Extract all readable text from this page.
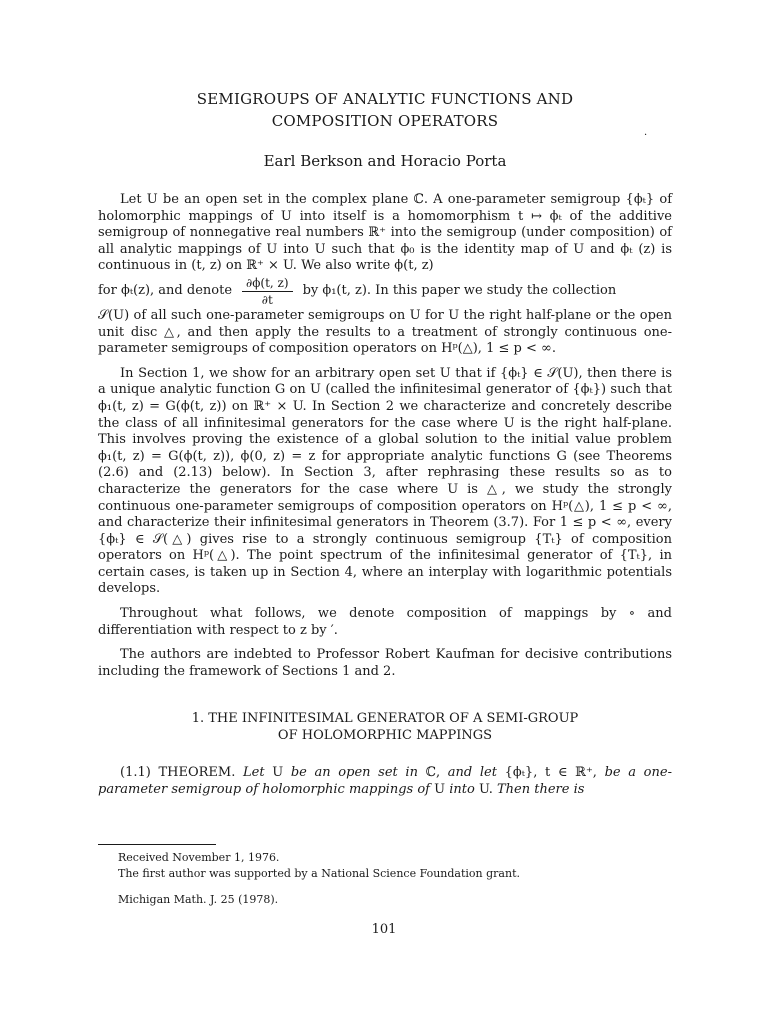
SEMIGROUPS OF ANALYTIC FUNCTIONS AND
COMPOSITION OPERATORS
Earl Berkson and Horacio Porta

Let U be an open set in the complex plane ℂ. A one-parameter semigroup {ϕₜ} of holomorphic mappings of U into itself is a homomorphism t ↦ ϕₜ of the additive semigroup of nonnegative real numbers ℝ⁺ into the semigroup (under composition) of all analytic mappings of U into U such that ϕ₀ is the identity map of U and ϕₜ (z) is continuous in (t, z) on ℝ⁺ × U. We also write ϕ(t, z)

for ϕₜ(z), and denote $\frac{\partial\phi(t, z)}{\partial t}$ by ϕ₁(t, z). In this paper we study the collection

𝒮(U) of all such one-parameter semigroups on U for U the right half-plane or the open unit disc △, and then apply the results to a treatment of strongly continuous one-parameter semigroups of composition operators on Hᵖ(△), 1 ≤ p < ∞.

In Section 1, we show for an arbitrary open set U that if {ϕₜ} ∈ 𝒮(U), then there is a unique analytic function G on U (called the infinitesimal generator of {ϕₜ}) such that ϕ₁(t, z) = G(ϕ(t, z)) on ℝ⁺ × U. In Section 2 we characterize and concretely describe the class of all infinitesimal generators for the case where U is the right half-plane. This involves proving the existence of a global solution to the initial value problem ϕ₁(t, z) = G(ϕ(t, z)), ϕ(0, z) = z for appropriate analytic functions G (see Theorems (2.6) and (2.13) below). In Section 3, after rephrasing these results so as to characterize the generators for the case where U is △, we study the strongly continuous one-parameter semigroups of composition operators on Hᵖ(△), 1 ≤ p < ∞, and characterize their infinitesimal generators in Theorem (3.7). For 1 ≤ p < ∞, every {ϕₜ} ∈ 𝒮(△) gives rise to a strongly continuous semigroup {Tₜ} of composition operators on Hᵖ(△). The point spectrum of the infinitesimal generator of {Tₜ}, in certain cases, is taken up in Section 4, where an interplay with logarithmic potentials develops.

Throughout what follows, we denote composition of mappings by ∘ and differentiation with respect to z by ′.

The authors are indebted to Professor Robert Kaufman for decisive contributions including the framework of Sections 1 and 2.

1. THE INFINITESIMAL GENERATOR OF A SEMI-GROUP
OF HOLOMORPHIC MAPPINGS
(1.1) THEOREM. Let U be an open set in ℂ, and let {ϕₜ}, t ∈ ℝ⁺, be a one-parameter semigroup of holomorphic mappings of U into U. Then there is
·
Received November 1, 1976.
The first author was supported by a National Science Foundation grant.
Michigan Math. J. 25 (1978).
101
